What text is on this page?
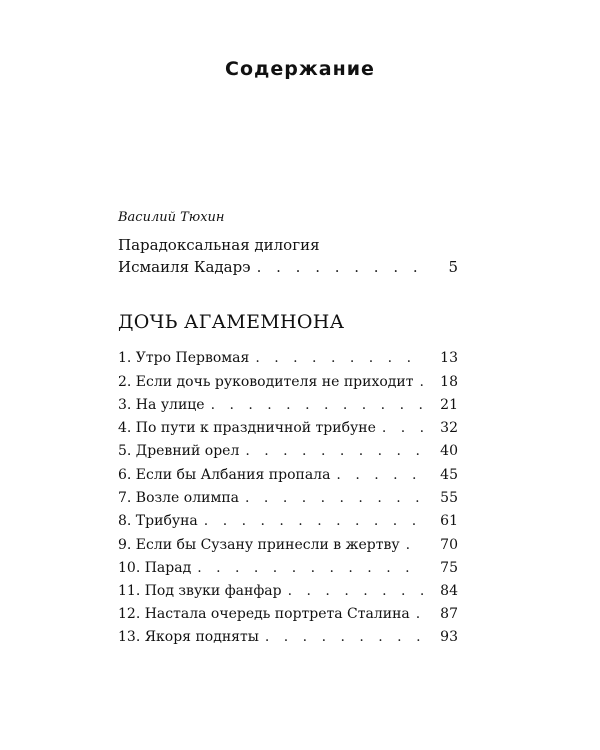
Содержание
Василий Тюхин
Парадоксальная дилогия
Исмаиля Кадарэ . . .	5
ДОЧЬ АГАМЕМНОНА
1. Утро Первомая . . .	13
2. Если дочь руководителя не приходит . . .	18
3. На улице . . .	21
4. По пути к праздничной трибуне . . .	32
5. Древний орел . . .	40
6. Если бы Албания пропала . . .	45
7. Возле олимпа . . .	55
8. Трибуна . . .	61
9. Если бы Сузану принесли в жертву . . .	70
10. Парад . . .	75
11. Под звуки фанфар . . .	84
12. Настала очередь портрета Сталина . . .	87
13. Якоря подняты . . .	93
